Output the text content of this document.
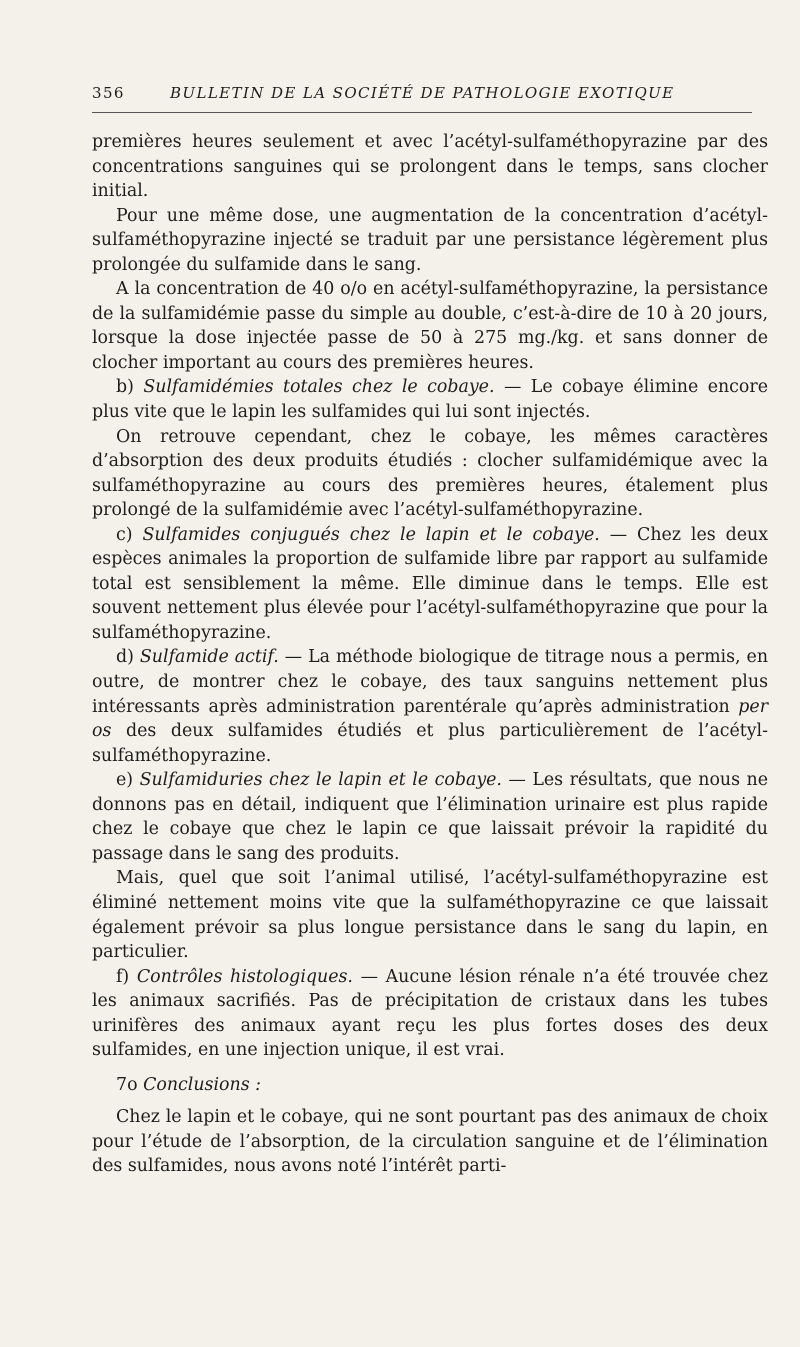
356	BULLETIN DE LA SOCIÉTÉ DE PATHOLOGIE EXOTIQUE

premières heures seulement et avec l’acétyl-sulfaméthopyrazine par des concentrations sanguines qui se prolongent dans le temps, sans clocher initial.

Pour une même dose, une augmentation de la concentration d’acétyl-sulfaméthopyrazine injecté se traduit par une persistance légèrement plus prolongée du sulfamide dans le sang.

A la concentration de 40 o/o en acétyl-sulfaméthopyrazine, la persistance de la sulfamidémie passe du simple au double, c’est-à-dire de 10 à 20 jours, lorsque la dose injectée passe de 50 à 275 mg./kg. et sans donner de clocher important au cours des premières heures.

b) Sulfamidémies totales chez le cobaye. — Le cobaye élimine encore plus vite que le lapin les sulfamides qui lui sont injectés.

On retrouve cependant, chez le cobaye, les mêmes caractères d’absorption des deux produits étudiés : clocher sulfamidémique avec la sulfaméthopyrazine au cours des premières heures, étalement plus prolongé de la sulfamidémie avec l’acétyl-sulfaméthopyrazine.

c) Sulfamides conjugués chez le lapin et le cobaye. — Chez les deux espèces animales la proportion de sulfamide libre par rapport au sulfamide total est sensiblement la même. Elle diminue dans le temps. Elle est souvent nettement plus élevée pour l’acétyl-sulfaméthopyrazine que pour la sulfaméthopyrazine.

d) Sulfamide actif. — La méthode biologique de titrage nous a permis, en outre, de montrer chez le cobaye, des taux sanguins nettement plus intéressants après administration parentérale qu’après administration per os des deux sulfamides étudiés et plus particulièrement de l’acétyl-sulfaméthopyrazine.

e) Sulfamiduries chez le lapin et le cobaye. — Les résultats, que nous ne donnons pas en détail, indiquent que l’élimination urinaire est plus rapide chez le cobaye que chez le lapin ce que laissait prévoir la rapidité du passage dans le sang des produits.

Mais, quel que soit l’animal utilisé, l’acétyl-sulfaméthopyrazine est éliminé nettement moins vite que la sulfaméthopyrazine ce que laissait également prévoir sa plus longue persistance dans le sang du lapin, en particulier.

f) Contrôles histologiques. — Aucune lésion rénale n’a été trouvée chez les animaux sacrifiés. Pas de précipitation de cristaux dans les tubes urinifères des animaux ayant reçu les plus fortes doses des deux sulfamides, en une injection unique, il est vrai.

7o Conclusions :

Chez le lapin et le cobaye, qui ne sont pourtant pas des animaux de choix pour l’étude de l’absorption, de la circulation sanguine et de l’élimination des sulfamides, nous avons noté l’intérêt parti-
